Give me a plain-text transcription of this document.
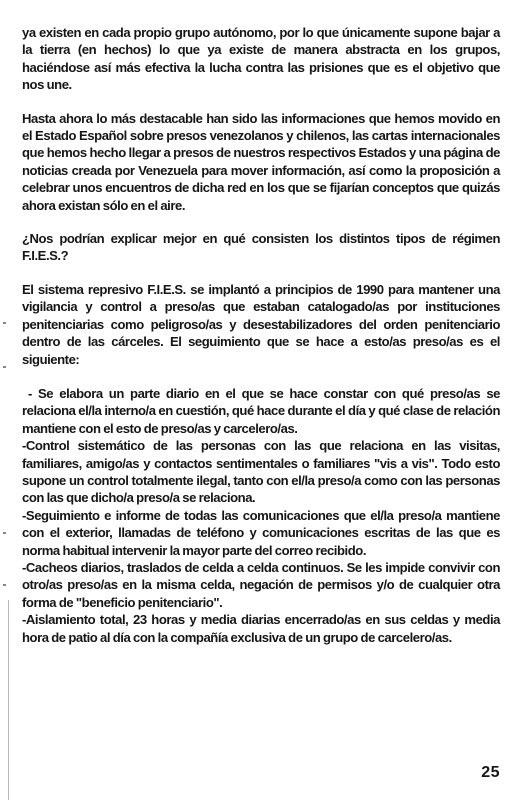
ya existen en cada propio grupo autónomo, por lo que únicamente supone bajar a la tierra (en hechos) lo que ya existe de manera abstracta en los grupos, haciéndose así más efectiva la lucha contra las prisiones que es el objetivo que nos une.

Hasta ahora lo más destacable han sido las informaciones que hemos movido en el Estado Español sobre presos venezolanos y chilenos, las cartas internacionales que hemos hecho llegar a presos de nuestros respectivos Estados y una página de noticias creada por Venezuela para mover información, así como la proposición a celebrar unos encuentros de dicha red en los que se fijarían conceptos que quizás ahora existan sólo en el aire.

¿Nos podrían explicar mejor en qué consisten los distintos tipos de régimen F.I.E.S.?

El sistema represivo F.I.E.S. se implantó a principios de 1990 para mantener una vigilancia y control a preso/as que estaban catalogado/as por instituciones penitenciarias como peligroso/as y desestabilizadores del orden penitenciario dentro de las cárceles. El seguimiento que se hace a esto/as preso/as es el siguiente:

- Se elabora un parte diario en el que se hace constar con qué preso/as se relaciona el/la interno/a en cuestión, qué hace durante el día y qué clase de relación mantiene con el esto de preso/as y carcelero/as.

-Control sistemático de las personas con las que relaciona en las visitas, familiares, amigo/as y contactos sentimentales o familiares "vis a vis". Todo esto supone un control totalmente ilegal, tanto con el/la preso/a como con las personas con las que dicho/a preso/a se relaciona.

-Seguimiento e informe de todas las comunicaciones que el/la preso/a mantiene con el exterior, llamadas de teléfono y comunicaciones escritas de las que es norma habitual intervenir la mayor parte del correo recibido.

-Cacheos diarios, traslados de celda a celda continuos. Se les impide convivir con otro/as preso/as en la misma celda, negación de permisos y/o de cualquier otra forma de "beneficio penitenciario".

-Aislamiento total, 23 horas y media diarias encerrado/as en sus celdas y media hora de patio al día con la compañía exclusiva de un grupo de carcelero/as.

25
